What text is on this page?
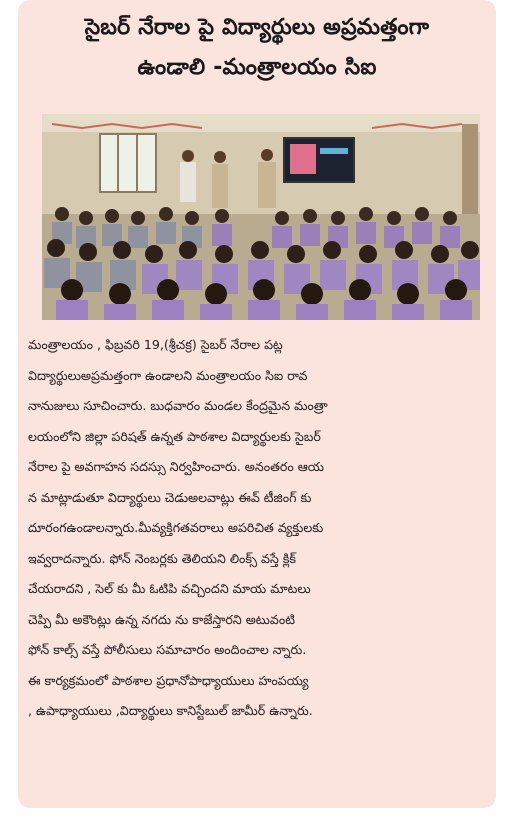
సైబర్ నేరాల పై విద్యార్థులు అప్రమత్తంగా
ఉండాలి -మంత్రాలయం సిఐ
మంత్రాలయం , ఫిబ్రవరి 19,(శ్రీచక్ర) సైబర్ నేరాల పట్ల
విద్యార్థులుఅప్రమత్తంగా ఉండాలని మంత్రాలయం సిఐ రావ
నానుజులు సూచించారు. బుధవారం మండల కేంద్రమైన మంత్రా
లయంలోని జిల్లా పరిషత్ ఉన్నత పాఠశాల విద్యార్థులకు సైబర్
నేరాల పై అవగాహన సదస్సు నిర్వహించారు. అనంతరం ఆయ
న మాట్లాడుతూ విద్యార్థులు చెడుఅలవాట్లు ఈవ్ టీజింగ్ కు
దూరంగఉండాలన్నారు.మీవ్యక్తిగతవరాలు అపరిచిత వ్యక్తులకు
ఇవ్వరాదన్నారు. ఫోన్ నెంబర్లకు తెలియని లింక్స్ వస్తే క్లిక్
చేయరాదని , సెల్ కు మీ ఓటిపి వచ్చిందని మాయ మాటలు
చెప్పి మీ అకౌంట్లు ఉన్న నగదు ను కాజేస్తారని అటువంటి
ఫోన్ కాల్స్ వస్తే పోలీసులు సమాచారం అందించాల న్నారు.
ఈ కార్యక్రమంలో పాఠశాల ప్రధానోపాధ్యాయులు హంపయ్య
, ఉపాధ్యాయులు ,విద్యార్థులు కానిస్టేబుల్ జామీర్ ఉన్నారు.
